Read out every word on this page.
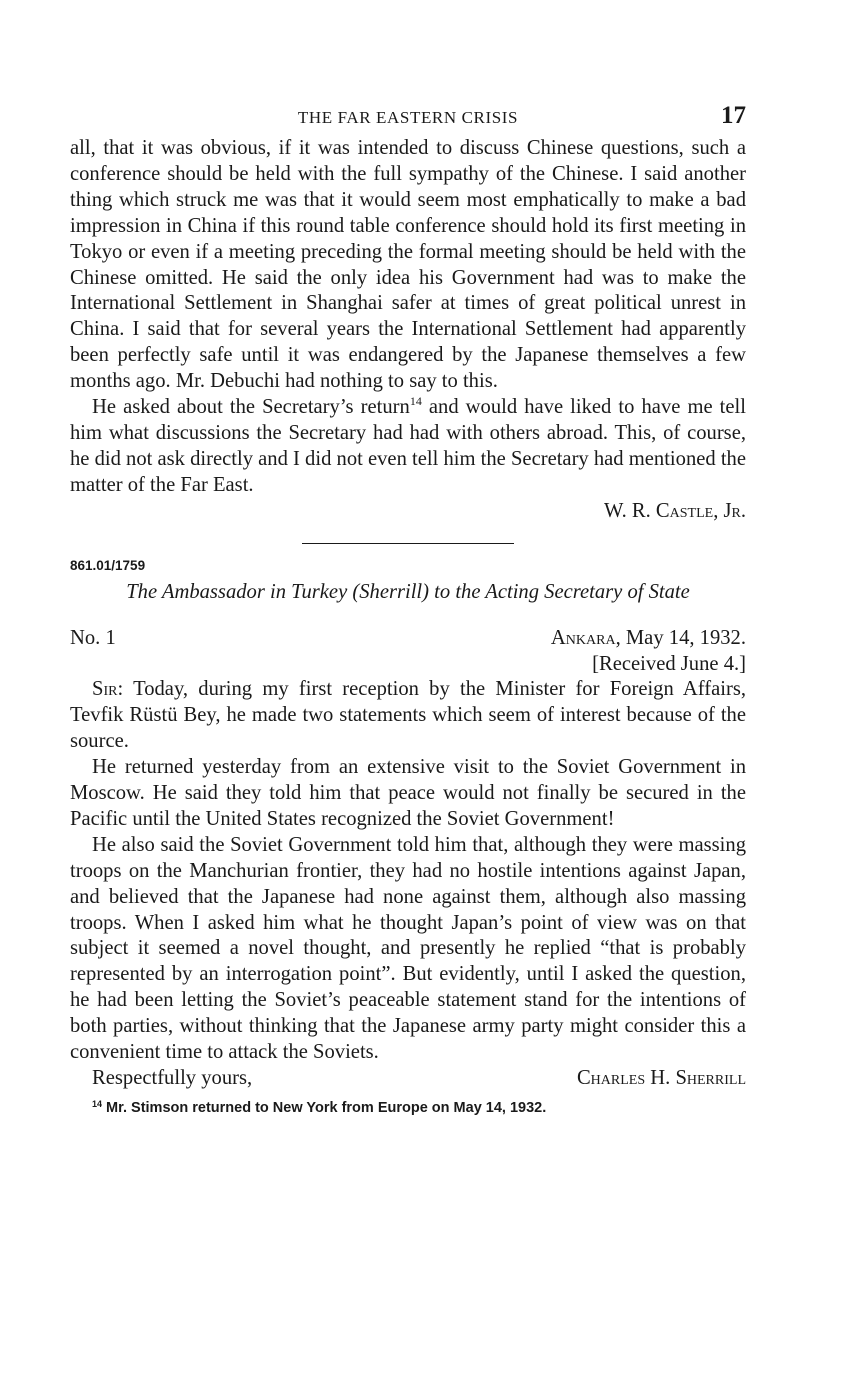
THE FAR EASTERN CRISIS	17

all, that it was obvious, if it was intended to discuss Chinese questions, such a conference should be held with the full sympathy of the Chinese. I said another thing which struck me was that it would seem most emphatically to make a bad impression in China if this round table conference should hold its first meeting in Tokyo or even if a meeting preceding the formal meeting should be held with the Chinese omitted. He said the only idea his Government had was to make the International Settlement in Shanghai safer at times of great political unrest in China. I said that for several years the International Settlement had apparently been perfectly safe until it was endangered by the Japanese themselves a few months ago. Mr. Debuchi had nothing to say to this.

He asked about the Secretary’s return$^{14}$ and would have liked to have me tell him what discussions the Secretary had had with others abroad. This, of course, he did not ask directly and I did not even tell him the Secretary had mentioned the matter of the Far East.

W. R. Castle, Jr.
861.01/1759
The Ambassador in Turkey (Sherrill) to the Acting Secretary of State
No. 1	Ankara, May 14, 1932.
[Received June 4.]

Sir: Today, during my first reception by the Minister for Foreign Affairs, Tevfik Rüstü Bey, he made two statements which seem of interest because of the source.

He returned yesterday from an extensive visit to the Soviet Government in Moscow. He said they told him that peace would not finally be secured in the Pacific until the United States recognized the Soviet Government!

He also said the Soviet Government told him that, although they were massing troops on the Manchurian frontier, they had no hostile intentions against Japan, and believed that the Japanese had none against them, although also massing troops. When I asked him what he thought Japan’s point of view was on that subject it seemed a novel thought, and presently he replied “that is probably represented by an interrogation point”. But evidently, until I asked the question, he had been letting the Soviet’s peaceable statement stand for the intentions of both parties, without thinking that the Japanese army party might consider this a convenient time to attack the Soviets.

Respectfully yours,	Charles H. Sherrill
$^{14}$ Mr. Stimson returned to New York from Europe on May 14, 1932.
